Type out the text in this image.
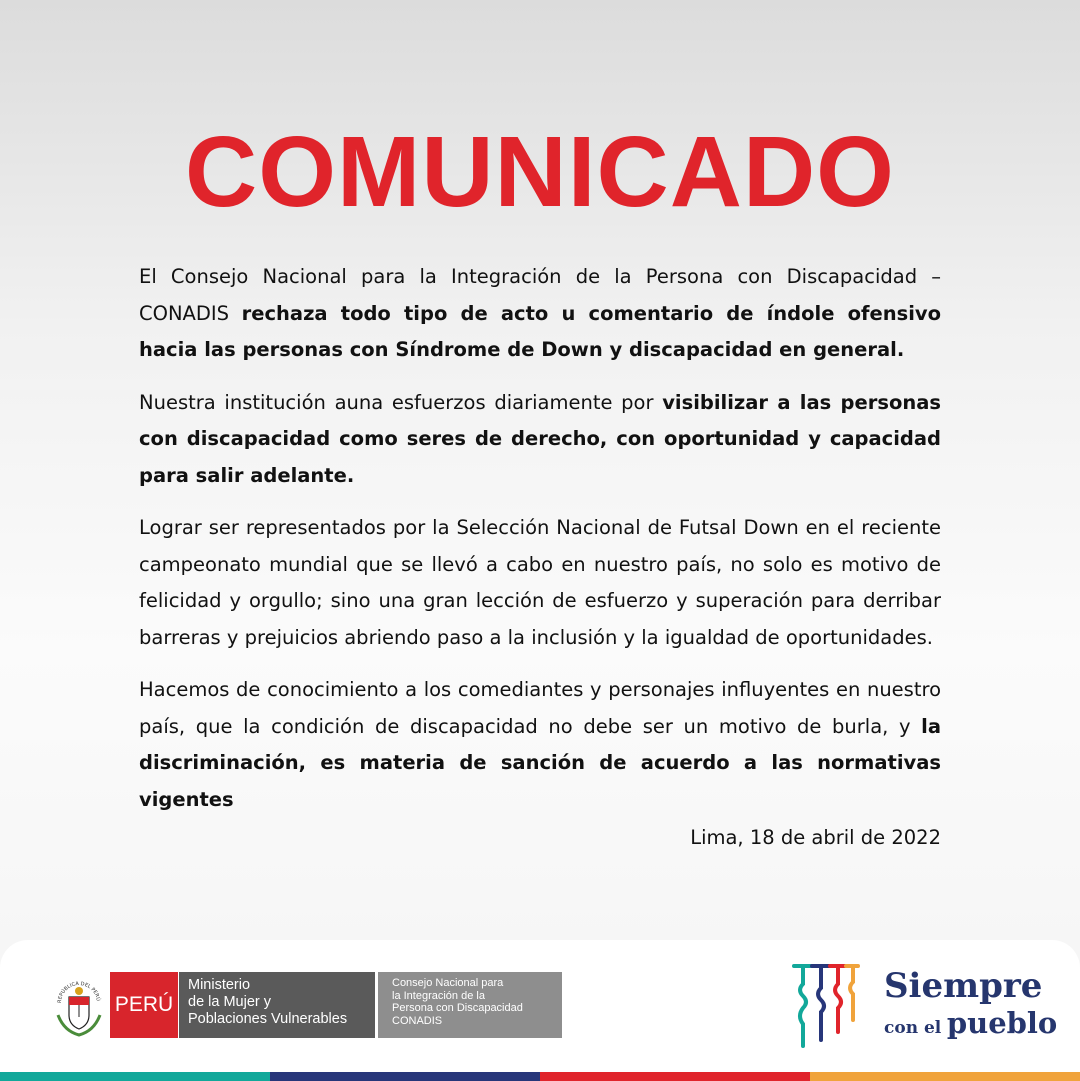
COMUNICADO

El Consejo Nacional para la Integración de la Persona con Discapacidad – CONADIS rechaza todo tipo de acto u comentario de índole ofensivo hacia las personas con Síndrome de Down y discapacidad en general.

Nuestra institución auna esfuerzos diariamente por visibilizar a las personas con discapacidad como seres de derecho, con oportunidad y capacidad para salir adelante.

Lograr ser representados por la Selección Nacional de Futsal Down en el reciente campeonato mundial que se llevó a cabo en nuestro país, no solo es motivo de felicidad y orgullo; sino una gran lección de esfuerzo y superación para derribar barreras y prejuicios abriendo paso a la inclusión y la igualdad de oportunidades.

Hacemos de conocimiento a los comediantes y personajes influyentes en nuestro país, que la condición de discapacidad no debe ser un motivo de burla, y la discriminación, es materia de sanción de acuerdo a las normativas vigentes

Lima, 18 de abril de 2022
REPÚBLICA DEL PERÚ PERÚ
Ministerio
de la Mujer y
Poblaciones Vulnerables
Consejo Nacional para
la Integración de la
Persona con Discapacidad
CONADIS
Siempre
con el pueblo
